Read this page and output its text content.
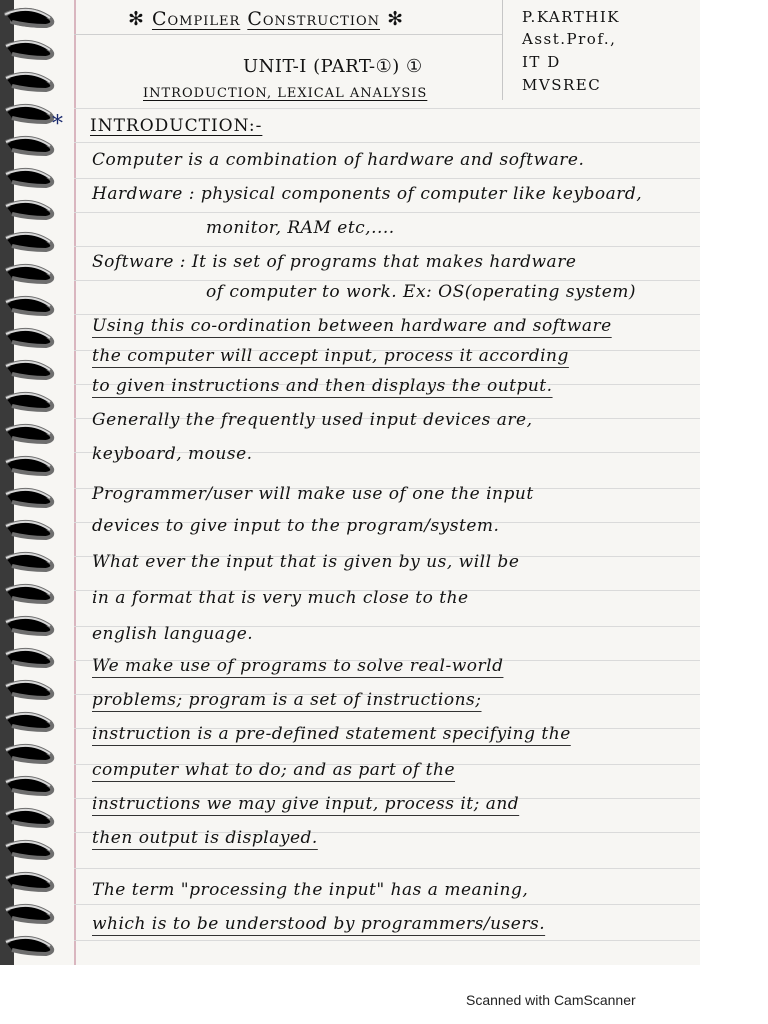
✻ Compiler Construction ✻	P.KARTHIK
Asst.Prof.,
IT D
MVSREC
UNIT-I (PART-①) ①
INTRODUCTION, LEXICAL ANALYSIS
* INTRODUCTION:-
Computer is a combination of hardware and software.
Hardware : physical components of computer like keyboard,
monitor, RAM etc,....
Software : It is set of programs that makes hardware
of computer to work. Ex: OS(operating system)
Using this co-ordination between hardware and software
the computer will accept input, process it according
to given instructions and then displays the output.
Generally the frequently used input devices are,
keyboard, mouse.
Programmer/user will make use of one the input
devices to give input to the program/system.
What ever the input that is given by us, will be
in a format that is very much close to the
english language.
We make use of programs to solve real-world
problems; program is a set of instructions;
instruction is a pre-defined statement specifying the
computer what to do; and as part of the
instructions we may give input, process it; and
then output is displayed.
The term "processing the input" has a meaning,
which is to be understood by programmers/users.
Scanned with CamScanner
